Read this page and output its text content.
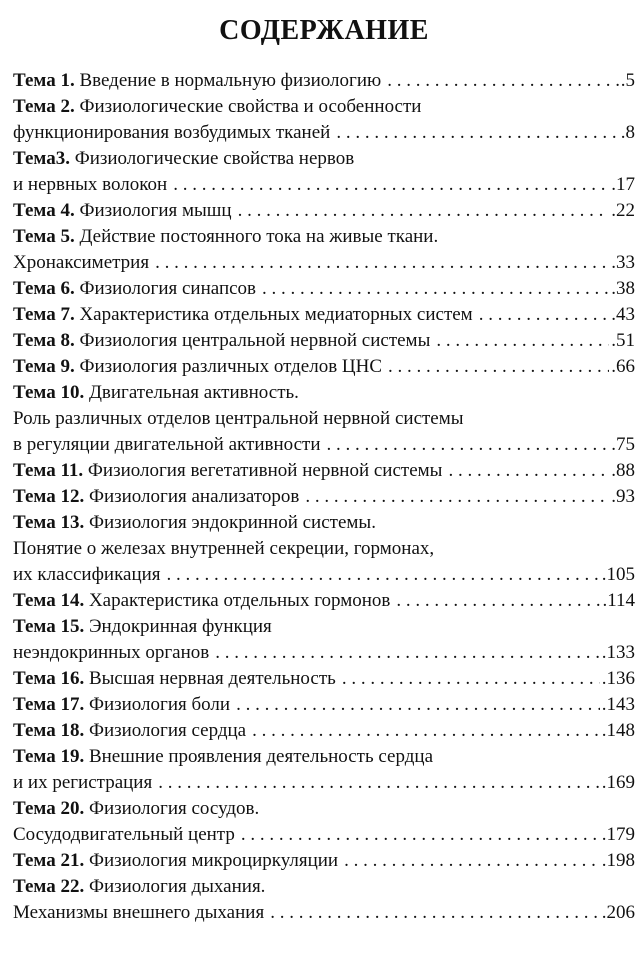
СОДЕРЖАНИЕ
Тема 1. Введение в нормальную физиологию . . .	.5
Тема 2. Физиологические свойства и особенности
функционирования возбудимых тканей . . .	.8
Тема3. Физиологические свойства нервов
и нервных волокон . . .	.17
Тема 4. Физиология мышц . . .	.22
Тема 5. Действие постоянного тока на живые ткани.
Хронаксиметрия . . .	.33
Тема 6. Физиология синапсов . . .	.38
Тема 7. Характеристика отдельных медиаторных систем . . .	.43
Тема 8. Физиология центральной нервной системы . . .	.51
Тема 9. Физиология различных отделов ЦНС . . .	.66
Тема 10. Двигательная активность.
Роль различных отделов центральной нервной системы
в регуляции двигательной активности . . .	.75
Тема 11. Физиология вегетативной нервной системы . . .	.88
Тема 12. Физиология анализаторов . . .	.93
Тема 13. Физиология эндокринной системы.
Понятие о железах внутренней секреции, гормонах,
их классификация . . .	.105
Тема 14. Характеристика отдельных гормонов . . .	.114
Тема 15. Эндокринная функция
неэндокринных органов . . .	.133
Тема 16. Высшая нервная деятельность . . .	.136
Тема 17. Физиология боли . . .	.143
Тема 18. Физиология сердца . . .	.148
Тема 19. Внешние проявления деятельность сердца
и их регистрация . . .	.169
Тема 20. Физиология сосудов.
Сосудодвигательный центр . . .	.179
Тема 21. Физиология микроциркуляции . . .	.198
Тема 22. Физиология дыхания.
Механизмы внешнего дыхания . . .	.206
